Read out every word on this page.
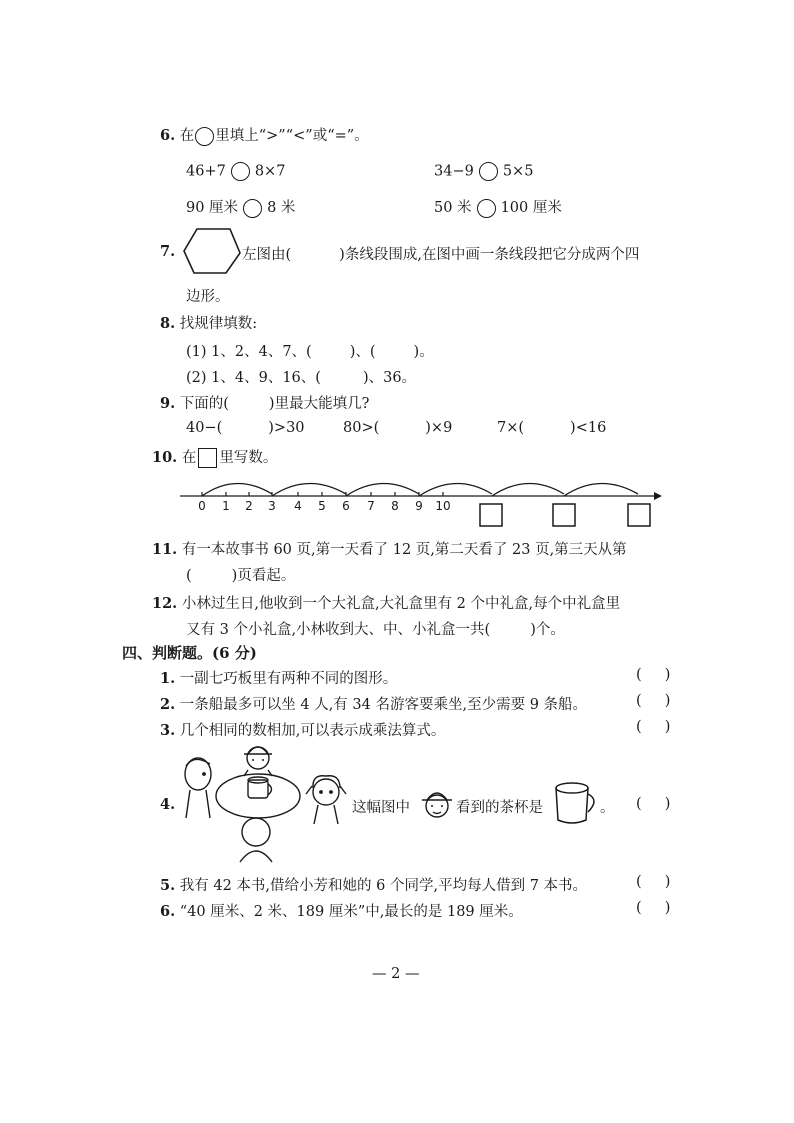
6. 在 里填上“>”“<”或“=”。
46+7 8×7	34−9 5×5
90 厘米 8 米	50 米 100 厘米
7.	左图由(	)条线段围成,在图中画一条线段把它分成两个四
边形。
8. 找规律填数:
(1) 1、2、4、7、(	)、(	)。
(2) 1、4、9、16、(	)、36。
9. 下面的(	)里最大能填几?
40−(	)>30	80>(	)×9	7×(	)<16
10. 在 里写数。
0 1 2 3 4 5 6 7 8 9 10
11. 有一本故事书 60 页,第一天看了 12 页,第二天看了 23 页,第三天从第
(	)页看起。
12. 小林过生日,他收到一个大礼盒,大礼盒里有 2 个中礼盒,每个中礼盒里
又有 3 个小礼盒,小林收到大、中、小礼盒一共(	)个。
四、判断题。(6 分)
1. 一副七巧板里有两种不同的图形。	(     )
2. 一条船最多可以坐 4 人,有 34 名游客要乘坐,至少需要 9 条船。	(     )
3. 几个相同的数相加,可以表示成乘法算式。	(     )
4.	这幅图中	看到的茶杯是	。 (     )
5. 我有 42 本书,借给小芳和她的 6 个同学,平均每人借到 7 本书。	(     )
6. “40 厘米、2 米、189 厘米”中,最长的是 189 厘米。	(     )
— 2 —
